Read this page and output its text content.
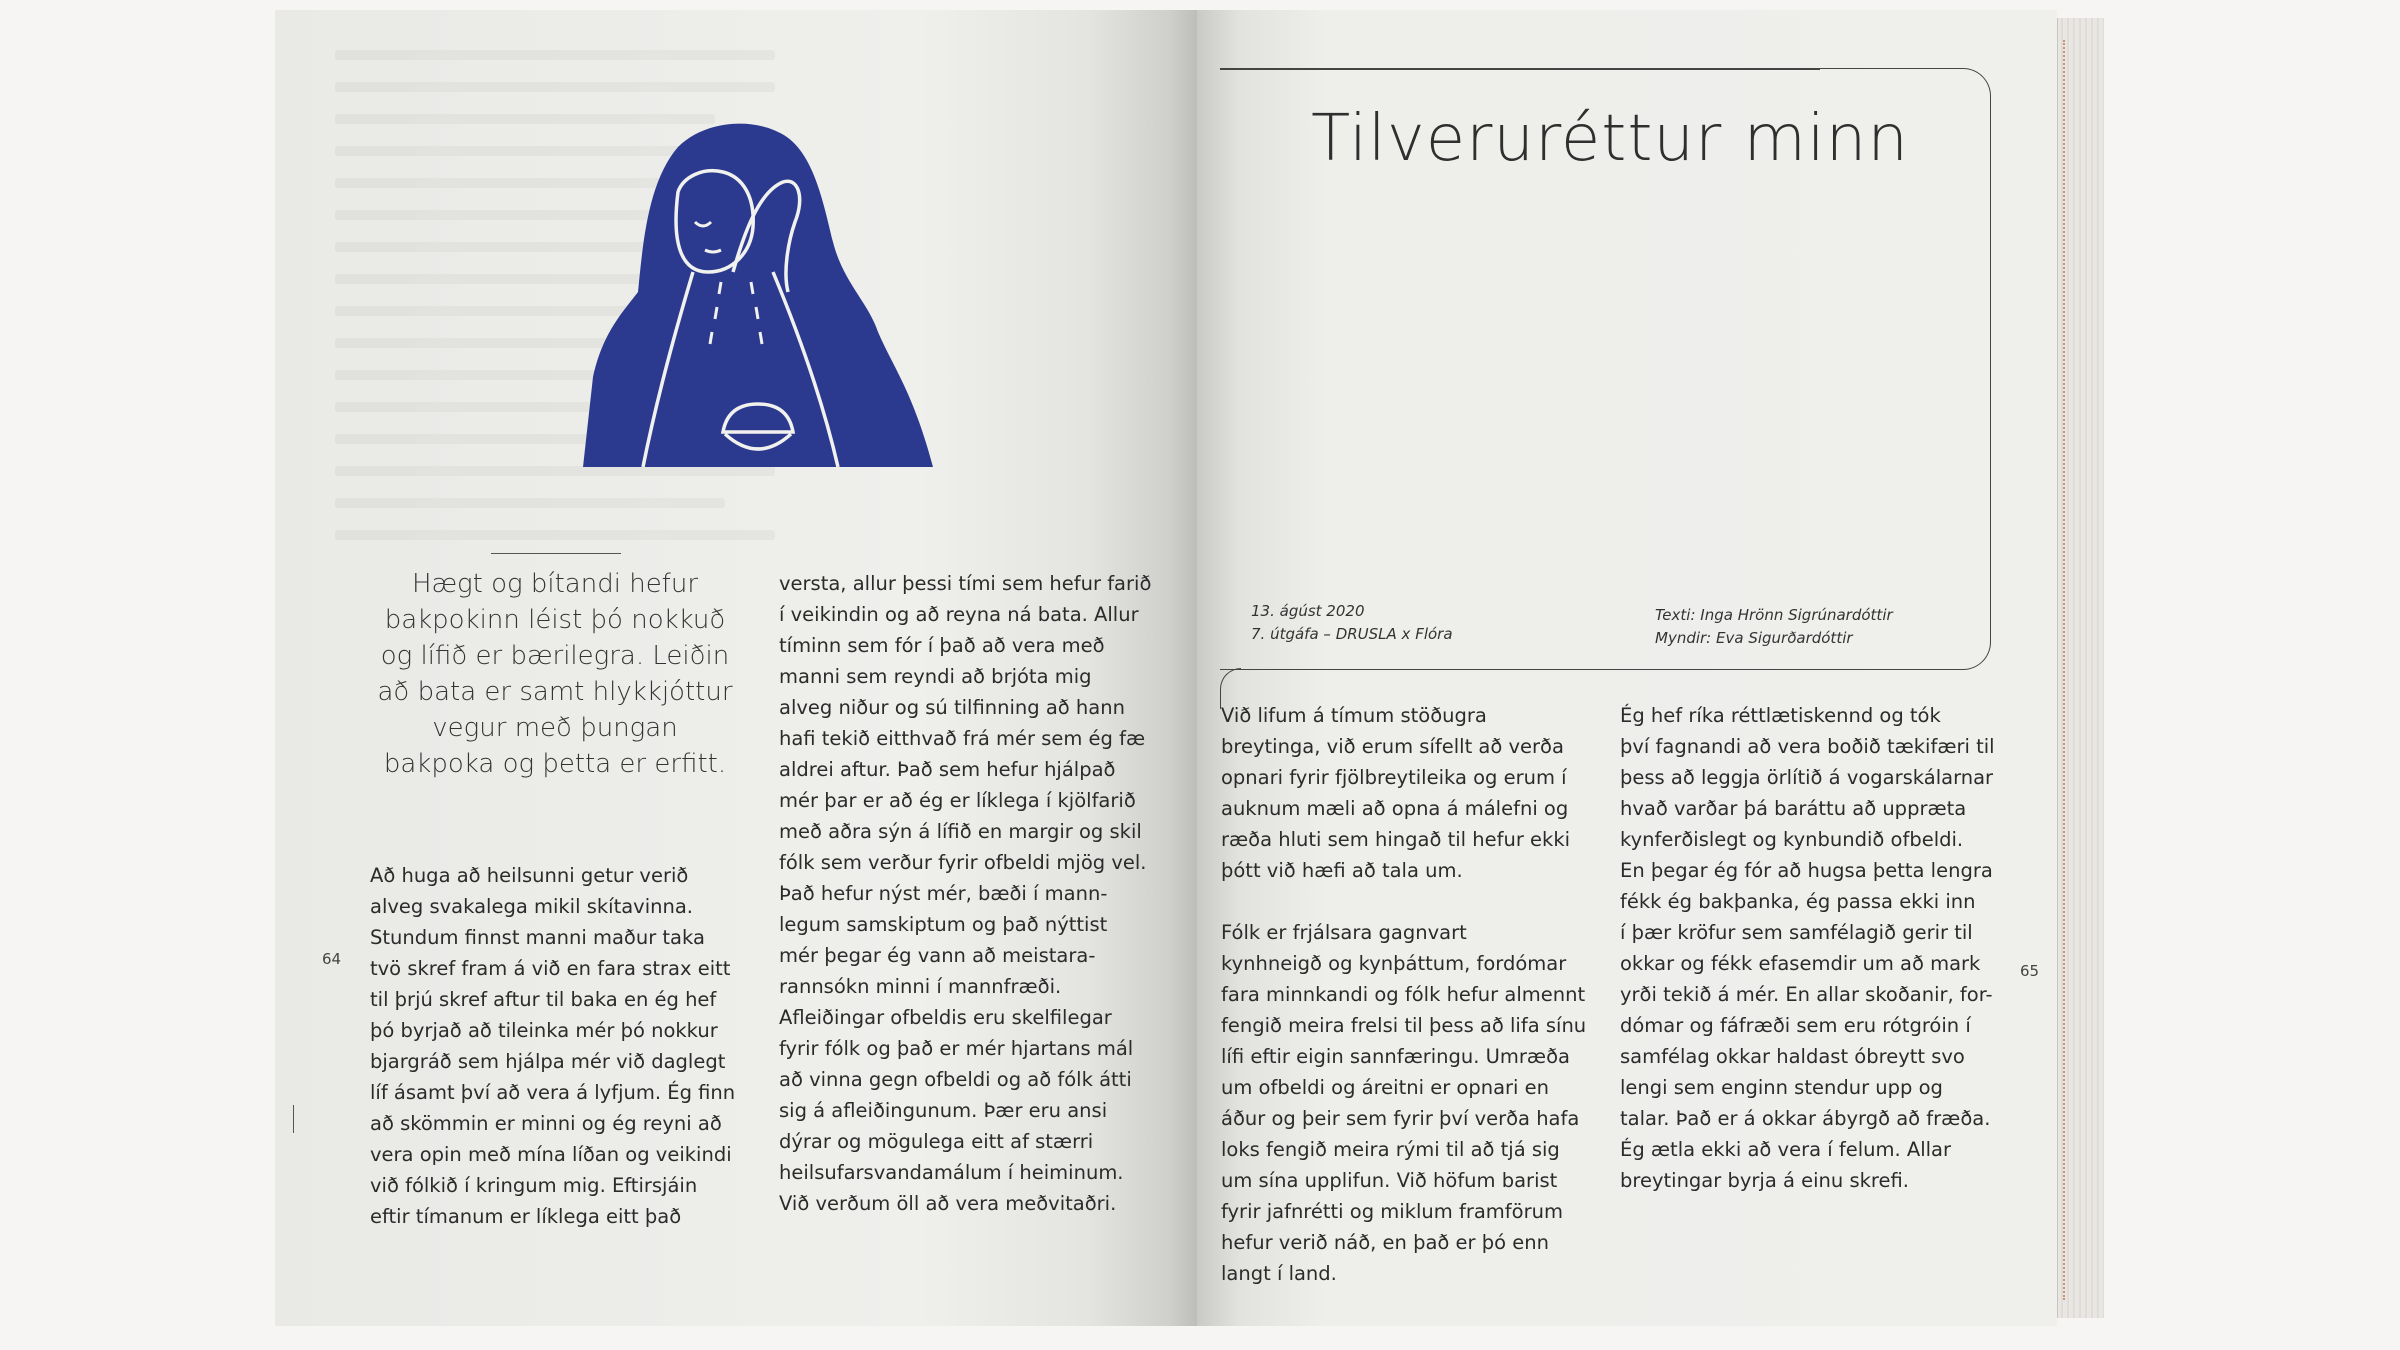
Hægt og bítandi hefur bakpokinn léist þó nokkuð og lífið er bærilegra. Leiðin að bata er samt hlykkjóttur vegur með þungan bakpoka og þetta er erfitt.
Að huga að heilsunni getur verið
alveg svakalega mikil skítavinna.
Stundum finnst manni maður taka
tvö skref fram á við en fara strax eitt
til þrjú skref aftur til baka en ég hef
þó byrjað að tileinka mér þó nokkur
bjargráð sem hjálpa mér við daglegt
líf ásamt því að vera á lyfjum. Ég finn
að skömmin er minni og ég reyni að
vera opin með mína líðan og veikindi
við fólkið í kringum mig. Eftirsjáin
eftir tímanum er líklega eitt það
versta, allur þessi tími sem hefur farið
í veikindin og að reyna ná bata. Allur
tíminn sem fór í það að vera með
manni sem reyndi að brjóta mig
alveg niður og sú tilfinning að hann
hafi tekið eitthvað frá mér sem ég fæ
aldrei aftur. Það sem hefur hjálpað
mér þar er að ég er líklega í kjölfarið
með aðra sýn á lífið en margir og skil
fólk sem verður fyrir ofbeldi mjög vel.
Það hefur nýst mér, bæði í mann-
legum samskiptum og það nýttist
mér þegar ég vann að meistara-
rannsókn minni í mannfræði.
Afleiðingar ofbeldis eru skelfilegar
fyrir fólk og það er mér hjartans mál
að vinna gegn ofbeldi og að fólk átti
sig á afleiðingunum. Þær eru ansi
dýrar og mögulega eitt af stærri
heilsufarsvandamálum í heiminum.
Við verðum öll að vera meðvitaðri.
64
Tilveruréttur minn
13. ágúst 2020
7. útgáfa – DRUSLA x Flóra
Texti: Inga Hrönn Sigrúnardóttir
Myndir: Eva Sigurðardóttir
Við lifum á tímum stöðugra
breytinga, við erum sífellt að verða
opnari fyrir fjölbreytileika og erum í
auknum mæli að opna á málefni og
ræða hluti sem hingað til hefur ekki
þótt við hæfi að tala um.

Fólk er frjálsara gagnvart
kynhneigð og kynþáttum, fordómar
fara minnkandi og fólk hefur almennt
fengið meira frelsi til þess að lifa sínu
lífi eftir eigin sannfæringu. Umræða
um ofbeldi og áreitni er opnari en
áður og þeir sem fyrir því verða hafa
loks fengið meira rými til að tjá sig
um sína upplifun. Við höfum barist
fyrir jafnrétti og miklum framförum
hefur verið náð, en það er þó enn
langt í land.
Ég hef ríka réttlætiskennd og tók
því fagnandi að vera boðið tækifæri til
þess að leggja örlítið á vogarskálarnar
hvað varðar þá baráttu að uppræta
kynferðislegt og kynbundið ofbeldi.
En þegar ég fór að hugsa þetta lengra
fékk ég bakþanka, ég passa ekki inn
í þær kröfur sem samfélagið gerir til
okkar og fékk efasemdir um að mark
yrði tekið á mér. En allar skoðanir, for-
dómar og fáfræði sem eru rótgróin í
samfélag okkar haldast óbreytt svo
lengi sem enginn stendur upp og
talar. Það er á okkar ábyrgð að fræða.
Ég ætla ekki að vera í felum. Allar
breytingar byrja á einu skrefi.
65
